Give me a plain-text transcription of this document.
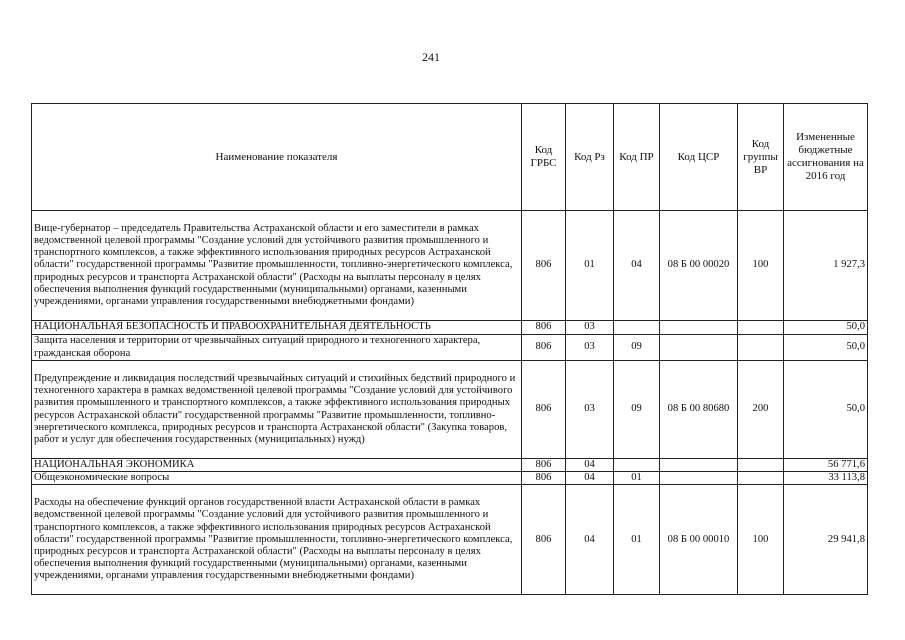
241
Наименование показателя	Код ГРБС	Код Рз	Код ПР	Код ЦСР	Код группы ВР	Измененные бюджетные ассигнования на 2016 год
Вице-губернатор – председатель Правительства Астраханской области и его заместители в рамках ведомственной целевой программы "Создание условий для устойчивого развития промышленного и транспортного комплексов, а также эффективного использования природных ресурсов Астраханской области" государственной программы "Развитие промышленности, топливно-энергетического комплекса, природных ресурсов и транспорта Астраханской области" (Расходы на выплаты персоналу в целях обеспечения выполнения функций государственными (муниципальными) органами, казенными учреждениями, органами управления государственными внебюджетными фондами)	806	01	04	08 Б 00 00020	100	1 927,3
НАЦИОНАЛЬНАЯ БЕЗОПАСНОСТЬ И ПРАВООХРАНИТЕЛЬНАЯ ДЕЯТЕЛЬНОСТЬ	806	03				50,0
Защита населения и территории от чрезвычайных ситуаций природного и техногенного характера, гражданская оборона	806	03	09			50,0
Предупреждение и ликвидация последствий чрезвычайных ситуаций и стихийных бедствий природного и техногенного характера в рамках ведомственной целевой программы "Создание условий для устойчивого развития промышленного и транспортного комплексов, а также эффективного использования природных ресурсов Астраханской области" государственной программы "Развитие промышленности, топливно-энергетического комплекса, природных ресурсов и транспорта Астраханской области" (Закупка товаров, работ и услуг для обеспечения государственных (муниципальных) нужд)	806	03	09	08 Б 00 80680	200	50,0
НАЦИОНАЛЬНАЯ ЭКОНОМИКА	806	04				56 771,6
Общеэкономические вопросы	806	04	01			33 113,8
Расходы на обеспечение функций органов государственной власти Астраханской области в рамках ведомственной целевой программы "Создание условий для устойчивого развития промышленного и транспортного комплексов, а также эффективного использования природных ресурсов Астраханской области" государственной программы "Развитие промышленности, топливно-энергетического комплекса, природных ресурсов и транспорта Астраханской области" (Расходы на выплаты персоналу в целях обеспечения выполнения функций государственными (муниципальными) органами, казенными учреждениями, органами управления государственными внебюджетными фондами)	806	04	01	08 Б 00 00010	100	29 941,8
